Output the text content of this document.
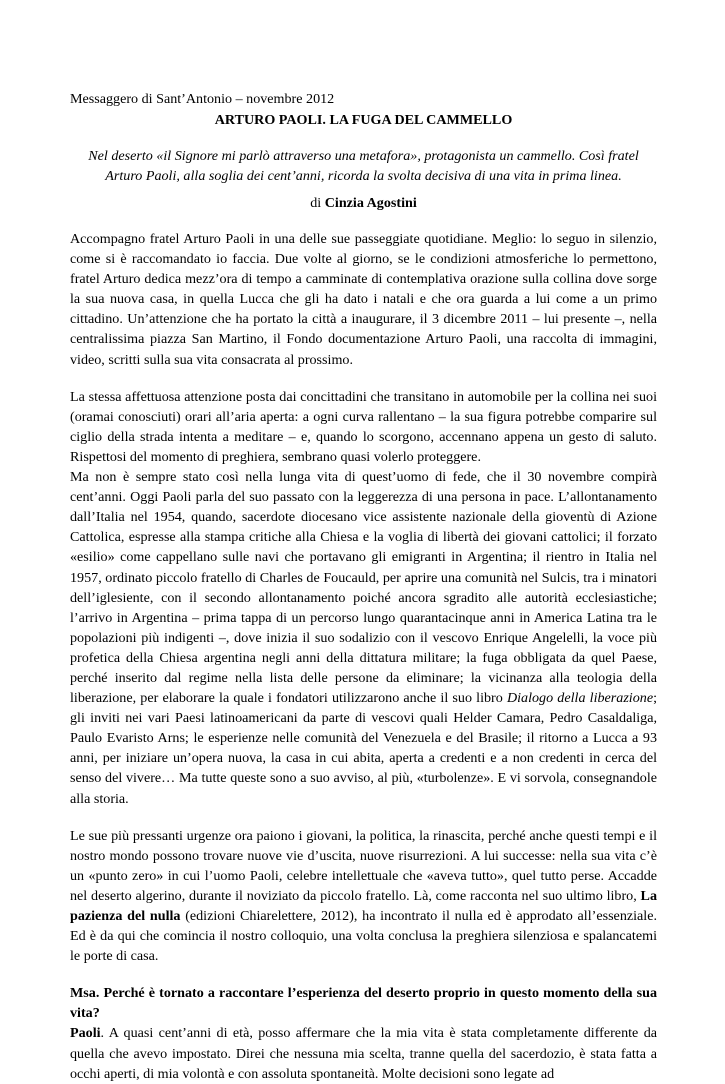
Messaggero di Sant’Antonio – novembre 2012
ARTURO PAOLI. LA FUGA DEL CAMMELLO
Nel deserto «il Signore mi parlò attraverso una metafora», protagonista un cammello. Così fratel Arturo Paoli, alla soglia dei cent’anni, ricorda la svolta decisiva di una vita in prima linea.
di Cinzia Agostini

Accompagno fratel Arturo Paoli in una delle sue passeggiate quotidiane. Meglio: lo seguo in silenzio, come si è raccomandato io faccia. Due volte al giorno, se le condizioni atmosferiche lo permettono, fratel Arturo dedica mezz’ora di tempo a camminate di contemplativa orazione sulla collina dove sorge la sua nuova casa, in quella Lucca che gli ha dato i natali e che ora guarda a lui come a un primo cittadino. Un’attenzione che ha portato la città a inaugurare, il 3 dicembre 2011 – lui presente –, nella centralissima piazza San Martino, il Fondo documentazione Arturo Paoli, una raccolta di immagini, video, scritti sulla sua vita consacrata al prossimo.

La stessa affettuosa attenzione posta dai concittadini che transitano in automobile per la collina nei suoi (oramai conosciuti) orari all’aria aperta: a ogni curva rallentano – la sua figura potrebbe comparire sul ciglio della strada intenta a meditare – e, quando lo scorgono, accennano appena un gesto di saluto. Rispettosi del momento di preghiera, sembrano quasi volerlo proteggere.

Ma non è sempre stato così nella lunga vita di quest’uomo di fede, che il 30 novembre compirà cent’anni. Oggi Paoli parla del suo passato con la leggerezza di una persona in pace. L’allontanamento dall’Italia nel 1954, quando, sacerdote diocesano vice assistente nazionale della gioventù di Azione Cattolica, espresse alla stampa critiche alla Chiesa e la voglia di libertà dei giovani cattolici; il forzato «esilio» come cappellano sulle navi che portavano gli emigranti in Argentina; il rientro in Italia nel 1957, ordinato piccolo fratello di Charles de Foucauld, per aprire una comunità nel Sulcis, tra i minatori dell’iglesiente, con il secondo allontanamento poiché ancora sgradito alle autorità ecclesiastiche; l’arrivo in Argentina – prima tappa di un percorso lungo quarantacinque anni in America Latina tra le popolazioni più indigenti –, dove inizia il suo sodalizio con il vescovo Enrique Angelelli, la voce più profetica della Chiesa argentina negli anni della dittatura militare; la fuga obbligata da quel Paese, perché inserito dal regime nella lista delle persone da eliminare; la vicinanza alla teologia della liberazione, per elaborare la quale i fondatori utilizzarono anche il suo libro Dialogo della liberazione; gli inviti nei vari Paesi latinoamericani da parte di vescovi quali Helder Camara, Pedro Casaldaliga, Paulo Evaristo Arns; le esperienze nelle comunità del Venezuela e del Brasile; il ritorno a Lucca a 93 anni, per iniziare un’opera nuova, la casa in cui abita, aperta a credenti e a non credenti in cerca del senso del vivere… Ma tutte queste sono a suo avviso, al più, «turbolenze». E vi sorvola, consegnandole alla storia.

Le sue più pressanti urgenze ora paiono i giovani, la politica, la rinascita, perché anche questi tempi e il nostro mondo possono trovare nuove vie d’uscita, nuove risurrezioni. A lui successe: nella sua vita c’è un «punto zero» in cui l’uomo Paoli, celebre intellettuale che «aveva tutto», quel tutto perse. Accadde nel deserto algerino, durante il noviziato da piccolo fratello. Là, come racconta nel suo ultimo libro, La pazienza del nulla (edizioni Chiarelettere, 2012), ha incontrato il nulla ed è approdato all’essenziale. Ed è da qui che comincia il nostro colloquio, una volta conclusa la preghiera silenziosa e spalancatemi le porte di casa.

Msa. Perché è tornato a raccontare l’esperienza del deserto proprio in questo momento della sua vita?

Paoli. A quasi cent’anni di età, posso affermare che la mia vita è stata completamente differente da quella che avevo impostato. Direi che nessuna mia scelta, tranne quella del sacerdozio, è stata fatta a occhi aperti, di mia volontà e con assoluta spontaneità. Molte decisioni sono legate ad
